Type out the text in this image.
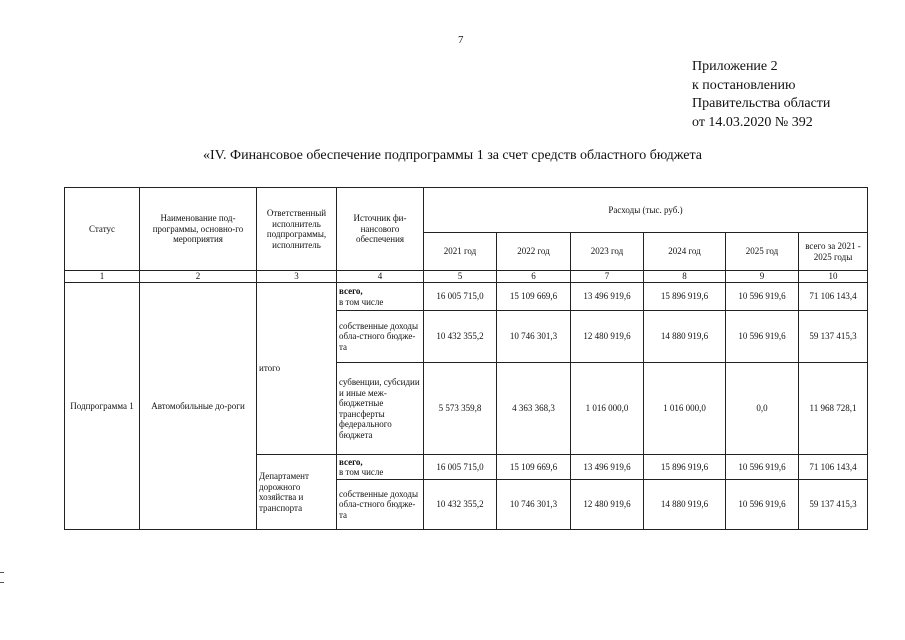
7
Приложение 2
к постановлению
Правительства области
от 14.03.2020 № 392
«IV. Финансовое обеспечение подпрограммы 1 за счет средств областного бюджета
Статус	Наименование под-программы, основно-го мероприятия	Ответственный исполнитель подпрограммы, исполнитель	Источник фи-нансового обеспечения	Расходы (тыс. руб.)					
				2021 год	2022 год	2023 год	2024 год	2025 год	всего за 2021 - 2025 годы
1	2	3	4	5	6	7	8	9	10
Подпрограмма 1	Автомобильные до-роги	итого	всего,
в том числе	16 005 715,0	15 109 669,6	13 496 919,6	15 896 919,6	10 596 919,6	71 106 143,4
			собственные доходы обла-стного бюдже-та	10 432 355,2	10 746 301,3	12 480 919,6	14 880 919,6	10 596 919,6	59 137 415,3
			субвенции, субсидии и иные меж-бюджетные трансферты федерального бюджета	5 573 359,8	4 363 368,3	1 016 000,0	1 016 000,0	0,0	11 968 728,1
		Департамент дорожного хозяйства и транспорта	всего,
в том числе	16 005 715,0	15 109 669,6	13 496 919,6	15 896 919,6	10 596 919,6	71 106 143,4
			собственные доходы обла-стного бюдже-та	10 432 355,2	10 746 301,3	12 480 919,6	14 880 919,6	10 596 919,6	59 137 415,3
